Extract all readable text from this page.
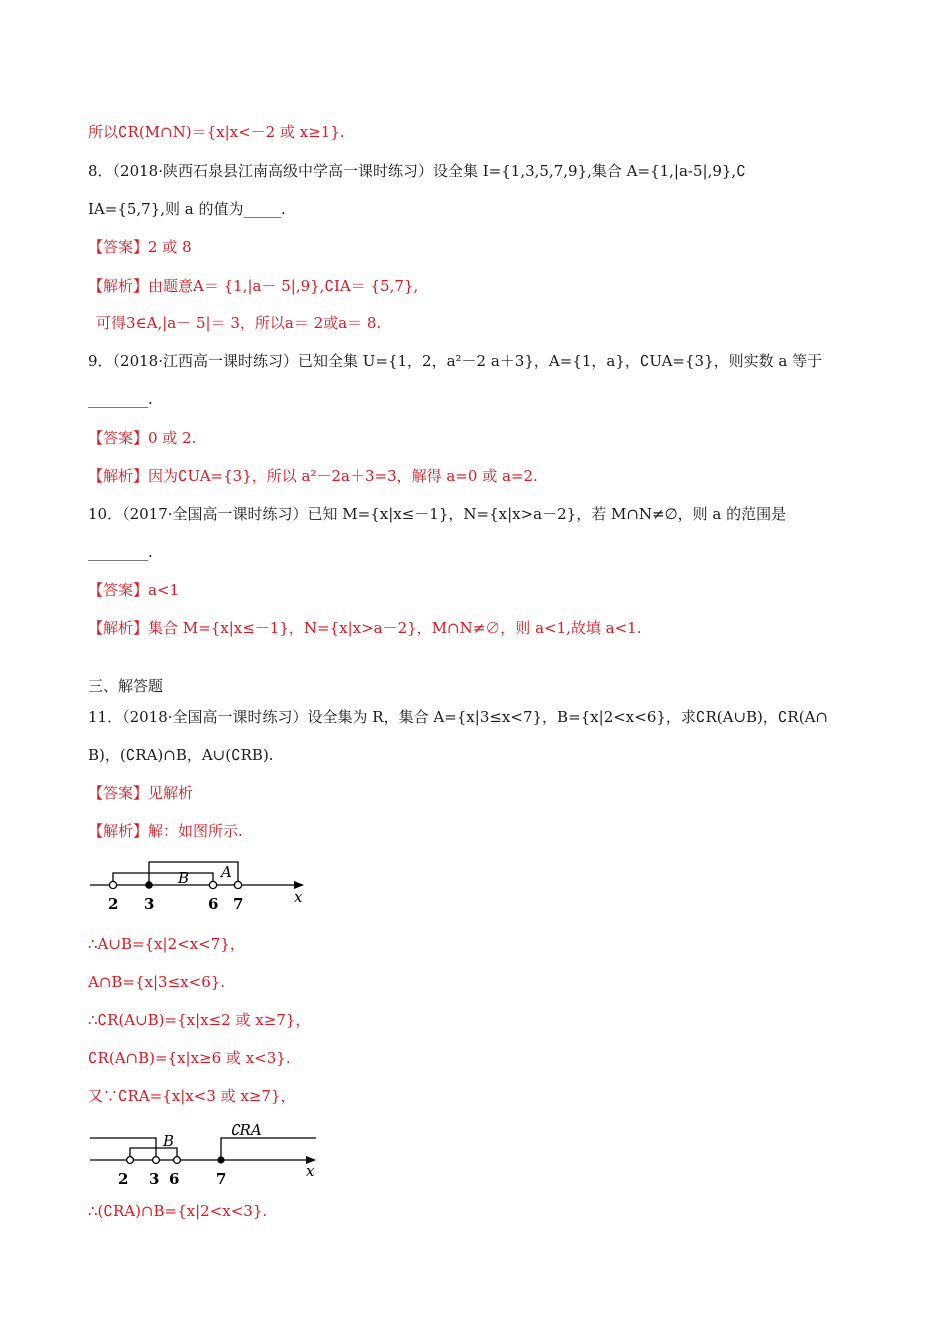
所以∁R(M∩N)＝{x|x<－2 或 x≥1}.
8．（2018·陕西石泉县江南高级中学高一课时练习）设全集 I={1,3,5,7,9},集合 A={1,|a-5|,9},∁
IA={5,7},则 a 的值为_____.
【答案】2 或 8
【解析】由题意A＝ {1,|a－ 5|,9},∁IA＝ {5,7},
可得3∈A,|a－ 5|＝ 3，所以a＝ 2或a＝ 8.
9．（2018·江西高一课时练习）已知全集 U={1，2，a²－2 a＋3}，A={1，a}，∁UA={3}，则实数 a 等于
________.
【答案】0 或 2.
【解析】因为∁UA={3}，所以 a²－2a＋3=3，解得 a=0 或 a=2.
10．（2017·全国高一课时练习）已知 M={x|x≤－1}，N={x|x>a－2}，若 M∩N≠∅，则 a 的范围是
________.
【答案】a<1
【解析】集合 M={x|x≤－1}，N={x|x>a－2}，M∩N≠∅，则 a<1,故填 a<1.
三、解答题
11．（2018·全国高一课时练习）设全集为 R，集合 A={x|3≤x<7}，B={x|2<x<6}，求∁R(A∪B)，∁R(A∩
B)，(∁RA)∩B，A∪(∁RB).
【答案】见解析
【解析】解：如图所示.
B A
2 3	6 7	x
∴A∪B={x|2<x<7}，
A∩B={x|3≤x<6}.
∴∁R(A∪B)={x|x≤2 或 x≥7}，
∁R(A∩B)={x|x≥6 或 x<3}.
又∵∁RA={x|x<3 或 x≥7}，
B
∁RA
2 3 6 7	x
∴(∁RA)∩B={x|2<x<3}.
